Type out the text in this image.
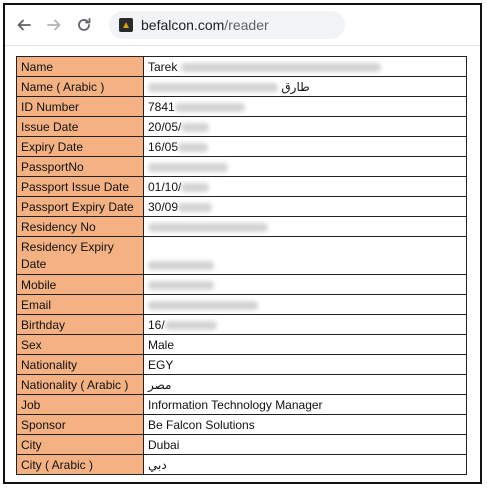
befalcon.com /reader
Name	Tarek
Name ( Arabic )	طارق
ID Number	7841
Issue Date	20/05/
Expiry Date	16/05
PassportNo	
Passport Issue Date	01/10/
Passport Expiry Date	30/09
Residency No	
Residency Expiry Date	
Mobile	
Email	
Birthday	16/
Sex	Male
Nationality	EGY
Nationality ( Arabic )	مصر
Job	Information Technology Manager
Sponsor	Be Falcon Solutions
City	Dubai
City ( Arabic )	دبي
